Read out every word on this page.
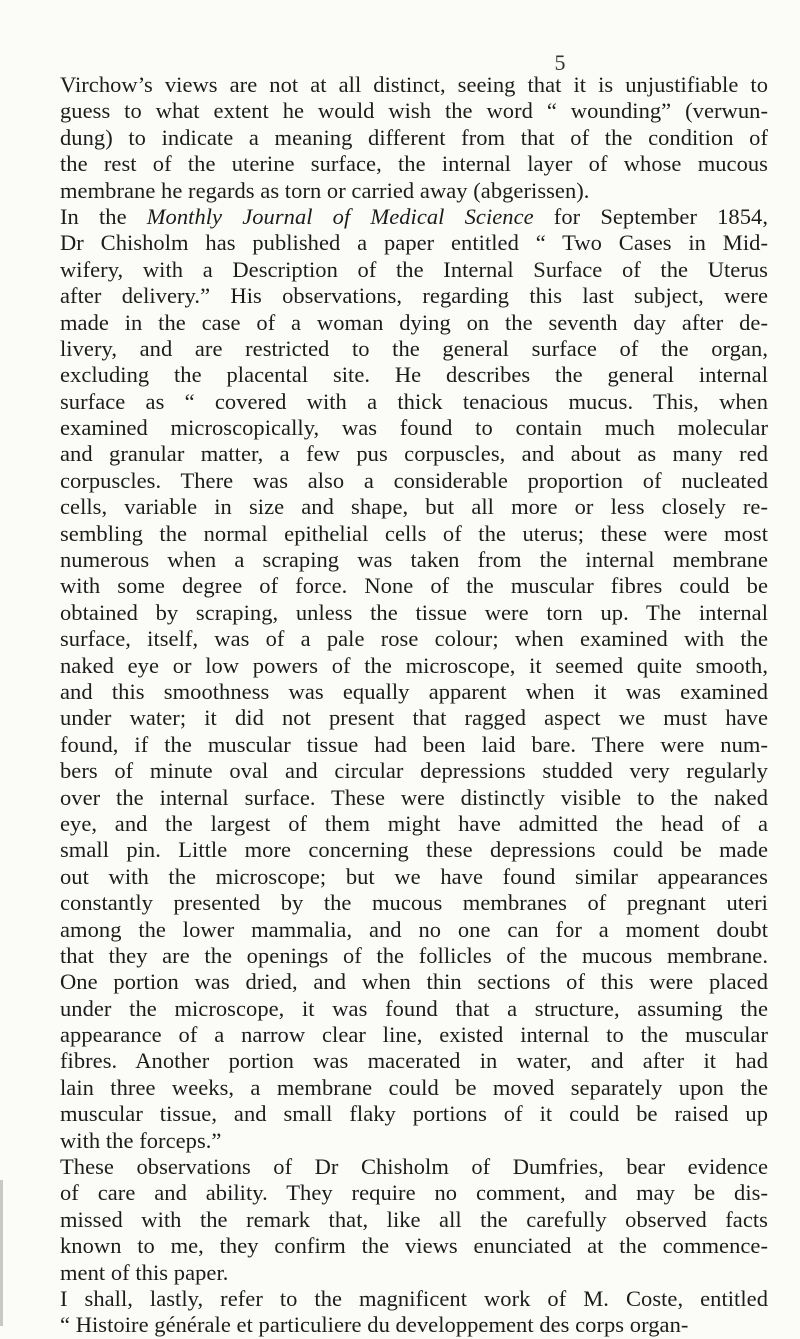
5
Virchow’s views are not at all distinct, seeing that it is unjustifiable to
guess to what extent he would wish the word “ wounding” (verwun-
dung) to indicate a meaning different from that of the condition of
the rest of the uterine surface, the internal layer of whose mucous
membrane he regards as torn or carried away (abgerissen).
In the Monthly Journal of Medical Science for September 1854,
Dr Chisholm has published a paper entitled “ Two Cases in Mid-
wifery, with a Description of the Internal Surface of the Uterus
after delivery.” His observations, regarding this last subject, were
made in the case of a woman dying on the seventh day after de-
livery, and are restricted to the general surface of the organ,
excluding the placental site. He describes the general internal
surface as “ covered with a thick tenacious mucus. This, when
examined microscopically, was found to contain much molecular
and granular matter, a few pus corpuscles, and about as many red
corpuscles. There was also a considerable proportion of nucleated
cells, variable in size and shape, but all more or less closely re-
sembling the normal epithelial cells of the uterus; these were most
numerous when a scraping was taken from the internal membrane
with some degree of force. None of the muscular fibres could be
obtained by scraping, unless the tissue were torn up. The internal
surface, itself, was of a pale rose colour; when examined with the
naked eye or low powers of the microscope, it seemed quite smooth,
and this smoothness was equally apparent when it was examined
under water; it did not present that ragged aspect we must have
found, if the muscular tissue had been laid bare. There were num-
bers of minute oval and circular depressions studded very regularly
over the internal surface. These were distinctly visible to the naked
eye, and the largest of them might have admitted the head of a
small pin. Little more concerning these depressions could be made
out with the microscope; but we have found similar appearances
constantly presented by the mucous membranes of pregnant uteri
among the lower mammalia, and no one can for a moment doubt
that they are the openings of the follicles of the mucous membrane.
One portion was dried, and when thin sections of this were placed
under the microscope, it was found that a structure, assuming the
appearance of a narrow clear line, existed internal to the muscular
fibres. Another portion was macerated in water, and after it had
lain three weeks, a membrane could be moved separately upon the
muscular tissue, and small flaky portions of it could be raised up
with the forceps.”
These observations of Dr Chisholm of Dumfries, bear evidence
of care and ability. They require no comment, and may be dis-
missed with the remark that, like all the carefully observed facts
known to me, they confirm the views enunciated at the commence-
ment of this paper.
I shall, lastly, refer to the magnificent work of M. Coste, entitled
“ Histoire générale et particuliere du developpement des corps organ-
